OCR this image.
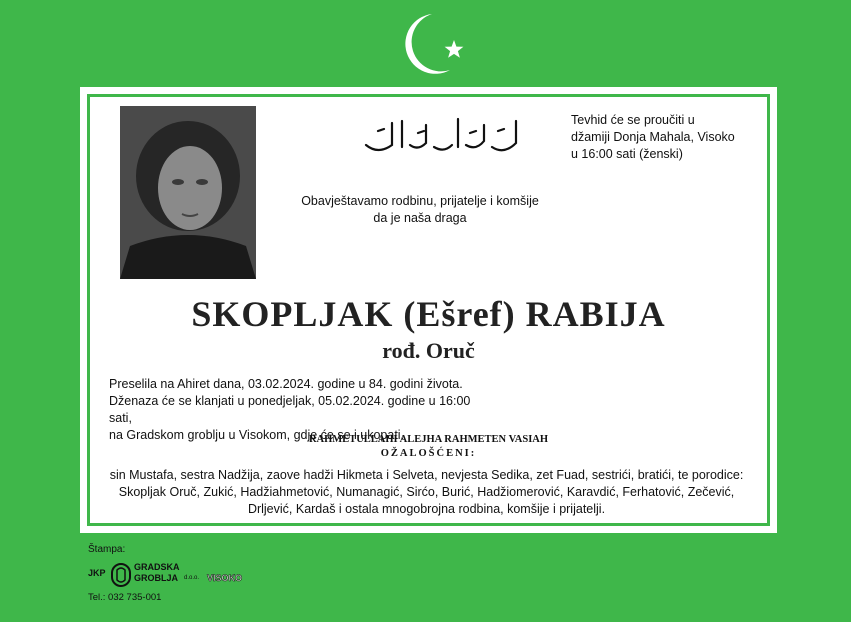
Tevhid će se proučiti u
džamiji Donja Mahala, Visoko
u 16:00 sati (ženski)
Obavještavamo rodbinu, prijatelje i komšije
da je naša draga
SKOPLJAK (Ešref) RABIJA
rođ. Oruč
Preselila na Ahiret dana, 03.02.2024. godine u 84. godini života.
Dženaza će se klanjati u ponedjeljak, 05.02.2024. godine u 16:00 sati,
na Gradskom groblju u Visokom, gdje će se i ukopati.
RAHMETULLAHI ALEJHA RAHMETEN VASIAH
OŽALOŠĆENI:
sin Mustafa, sestra Nadžija, zaove hadži Hikmeta i Selveta, nevjesta Sedika, zet Fuad, sestrići, bratići, te porodice:
Skopljak Oruč, Zukić, Hadžiahmetović, Numanagić, Sirćo, Burić, Hadžiomerović, Karavdić, Ferhatović, Zečević,
Drljević, Kardaš i ostala mnogobrojna rodbina, komšije i prijatelji.
Štampa:
JKP
GRADSKA
GROBLJA d.o.o. VISOKO
Tel.: 032 735-001
